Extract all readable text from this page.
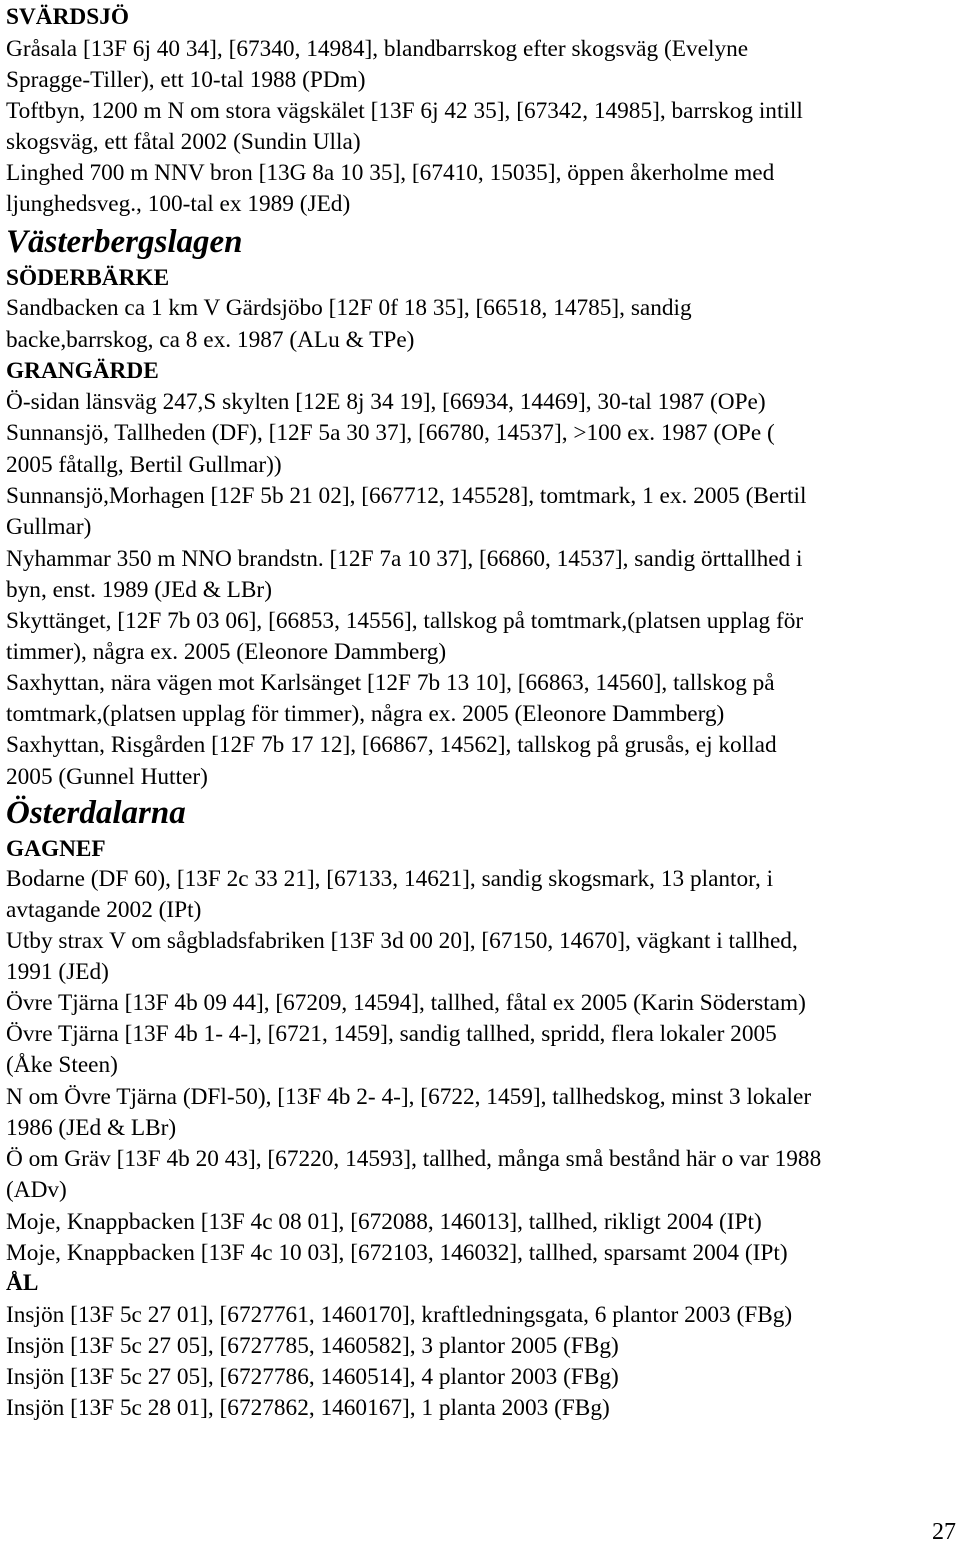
SVÄRDSJÖ
Gråsala [13F 6j 40 34], [67340, 14984], blandbarrskog efter skogsväg (Evelyne
Spragge-Tiller), ett 10-tal 1988 (PDm)
Toftbyn, 1200 m N om stora vägskälet [13F 6j 42 35], [67342, 14985], barrskog intill
skogsväg, ett fåtal 2002 (Sundin Ulla)
Linghed 700 m NNV bron [13G 8a 10 35], [67410, 15035], öppen åkerholme med
ljunghedsveg., 100-tal ex 1989 (JEd)
Västerbergslagen
SÖDERBÄRKE
Sandbacken ca 1 km V Gärdsjöbo [12F 0f 18 35], [66518, 14785], sandig
backe,barrskog, ca 8 ex. 1987 (ALu & TPe)
GRANGÄRDE
Ö-sidan länsväg 247,S skylten [12E 8j 34 19], [66934, 14469], 30-tal 1987 (OPe)
Sunnansjö, Tallheden (DF), [12F 5a 30 37], [66780, 14537], >100 ex. 1987 (OPe (
2005 fåtallg, Bertil Gullmar))
Sunnansjö,Morhagen [12F 5b 21 02], [667712, 145528], tomtmark, 1 ex. 2005 (Bertil
Gullmar)
Nyhammar 350 m NNO brandstn. [12F 7a 10 37], [66860, 14537], sandig örttallhed i
byn, enst. 1989 (JEd & LBr)
Skyttänget, [12F 7b 03 06], [66853, 14556], tallskog på tomtmark,(platsen upplag för
timmer), några ex. 2005 (Eleonore Dammberg)
Saxhyttan, nära vägen mot Karlsänget [12F 7b 13 10], [66863, 14560], tallskog på
tomtmark,(platsen upplag för timmer), några ex. 2005 (Eleonore Dammberg)
Saxhyttan, Risgården [12F 7b 17 12], [66867, 14562], tallskog på grusås, ej kollad
2005 (Gunnel Hutter)
Österdalarna
GAGNEF
Bodarne (DF 60), [13F 2c 33 21], [67133, 14621], sandig skogsmark, 13 plantor, i
avtagande 2002 (IPt)
Utby strax V om sågbladsfabriken [13F 3d 00 20], [67150, 14670], vägkant i tallhed,
1991 (JEd)
Övre Tjärna [13F 4b 09 44], [67209, 14594], tallhed, fåtal ex 2005 (Karin Söderstam)
Övre Tjärna [13F 4b 1- 4-], [6721, 1459], sandig tallhed, spridd, flera lokaler 2005
(Åke Steen)
N om Övre Tjärna (DFl-50), [13F 4b 2- 4-], [6722, 1459], tallhedskog, minst 3 lokaler
1986 (JEd & LBr)
Ö om Gräv [13F 4b 20 43], [67220, 14593], tallhed, många små bestånd här o var 1988
(ADv)
Moje, Knappbacken [13F 4c 08 01], [672088, 146013], tallhed, rikligt 2004 (IPt)
Moje, Knappbacken [13F 4c 10 03], [672103, 146032], tallhed, sparsamt 2004 (IPt)
ÅL
Insjön [13F 5c 27 01], [6727761, 1460170], kraftledningsgata, 6 plantor 2003 (FBg)
Insjön [13F 5c 27 05], [6727785, 1460582], 3 plantor 2005 (FBg)
Insjön [13F 5c 27 05], [6727786, 1460514], 4 plantor 2003 (FBg)
Insjön [13F 5c 28 01], [6727862, 1460167], 1 planta 2003 (FBg)
27
